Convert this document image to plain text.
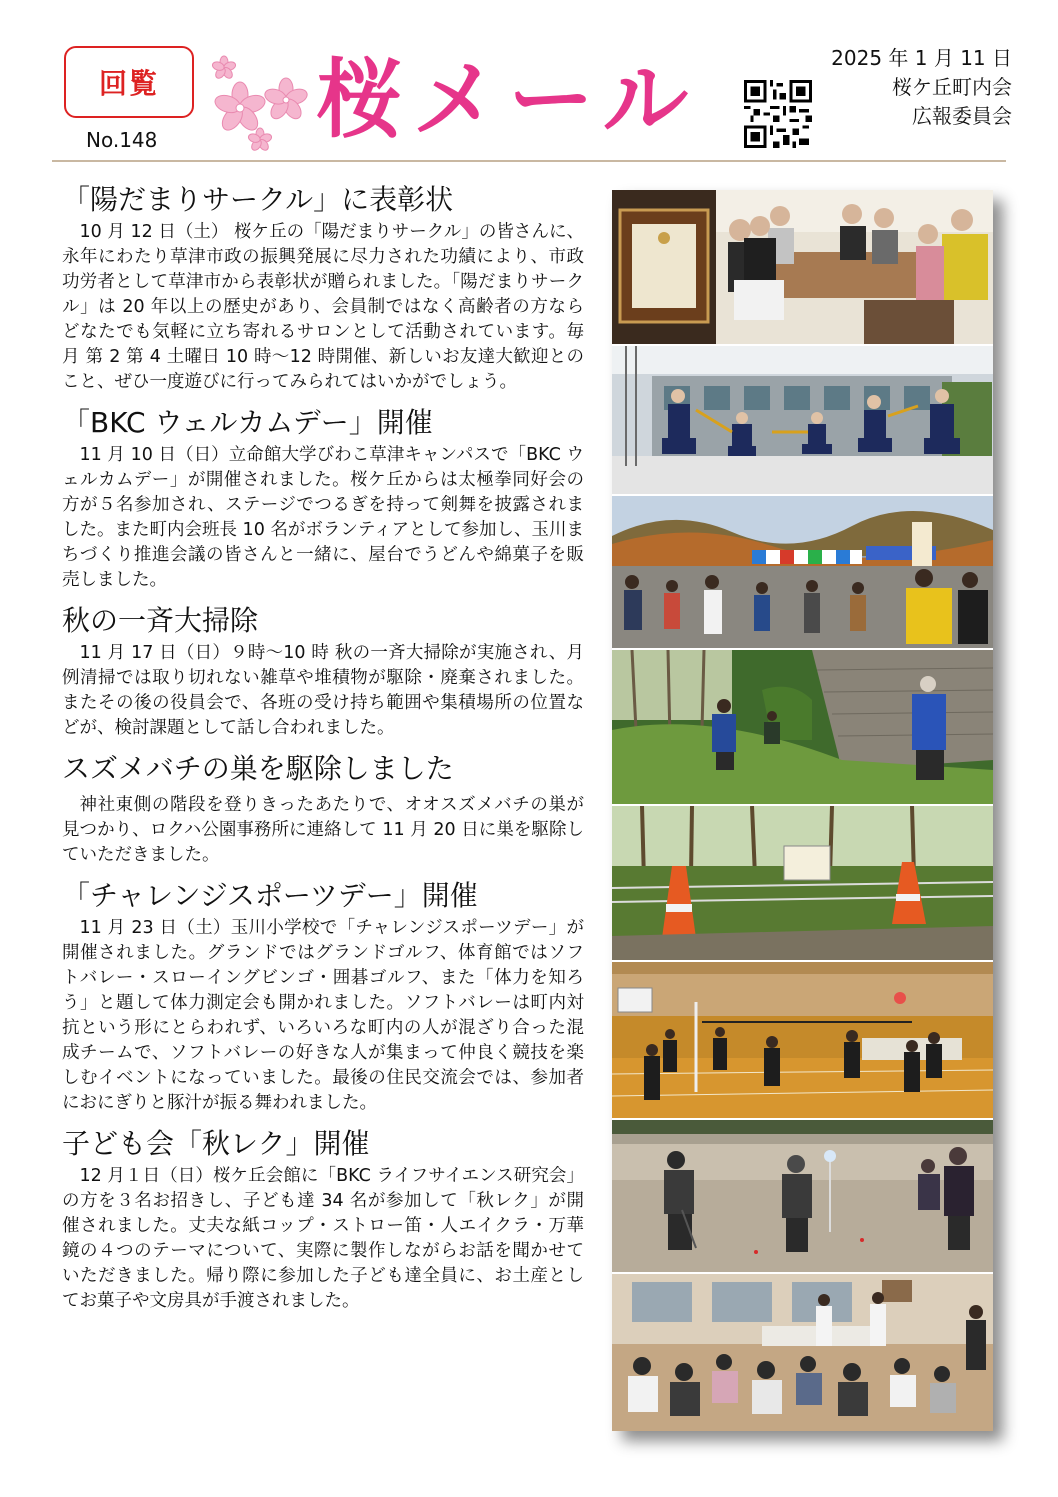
回覧
No.148 桜メール	2025 年 1 月 11 日
桜ケ丘町内会
広報委員会
「陽だまりサークル」に表彰状

10 月 12 日（土） 桜ケ丘の「陽だまりサークル」の皆さんに、永年にわたり草津市政の振興発展に尽力された功績により、市政功労者として草津市から表彰状が贈られました。「陽だまりサークル」は 20 年以上の歴史があり、会員制ではなく高齢者の方ならどなたでも気軽に立ち寄れるサロンとして活動されています。毎月 第 2 第 4 土曜日 10 時～12 時開催、新しいお友達大歓迎とのこと、ぜひ一度遊びに行ってみられてはいかがでしょう。

「BKC ウェルカムデー」開催

11 月 10 日（日）立命館大学びわこ草津キャンパスで「BKC ウェルカムデー」が開催されました。桜ケ丘からは太極拳同好会の方が５名参加され、ステージでつるぎを持って剣舞を披露されました。また町内会班長 10 名がボランティアとして参加し、玉川まちづくり推進会議の皆さんと一緒に、屋台でうどんや綿菓子を販売しました。

秋の一斉大掃除

11 月 17 日（日）９時～10 時 秋の一斉大掃除が実施され、月例清掃では取り切れない雑草や堆積物が駆除・廃棄されました。またその後の役員会で、各班の受け持ち範囲や集積場所の位置などが、検討課題として話し合われました。

スズメバチの巣を駆除しました

神社東側の階段を登りきったあたりで、オオスズメバチの巣が見つかり、ロクハ公園事務所に連絡して 11 月 20 日に巣を駆除していただきました。

「チャレンジスポーツデー」開催

11 月 23 日（土）玉川小学校で「チャレンジスポーツデー」が開催されました。グランドではグランドゴルフ、体育館ではソフトバレー・スローイングビンゴ・囲碁ゴルフ、また「体力を知ろう」と題して体力測定会も開かれました。ソフトバレーは町内対抗という形にとらわれず、いろいろな町内の人が混ざり合った混成チームで、ソフトバレーの好きな人が集まって仲良く競技を楽しむイベントになっていました。最後の住民交流会では、参加者におにぎりと豚汁が振る舞われました。

子ども会「秋レク」開催

12 月１日（日）桜ケ丘会館に「BKC ライフサイエンス研究会」の方を３名お招きし、子ども達 34 名が参加して「秋レク」が開催されました。丈夫な紙コップ・ストロー笛・人エイクラ・万華鏡の４つのテーマについて、実際に製作しながらお話を聞かせていただきました。帰り際に参加した子ども達全員に、お土産としてお菓子や文房具が手渡されました。
